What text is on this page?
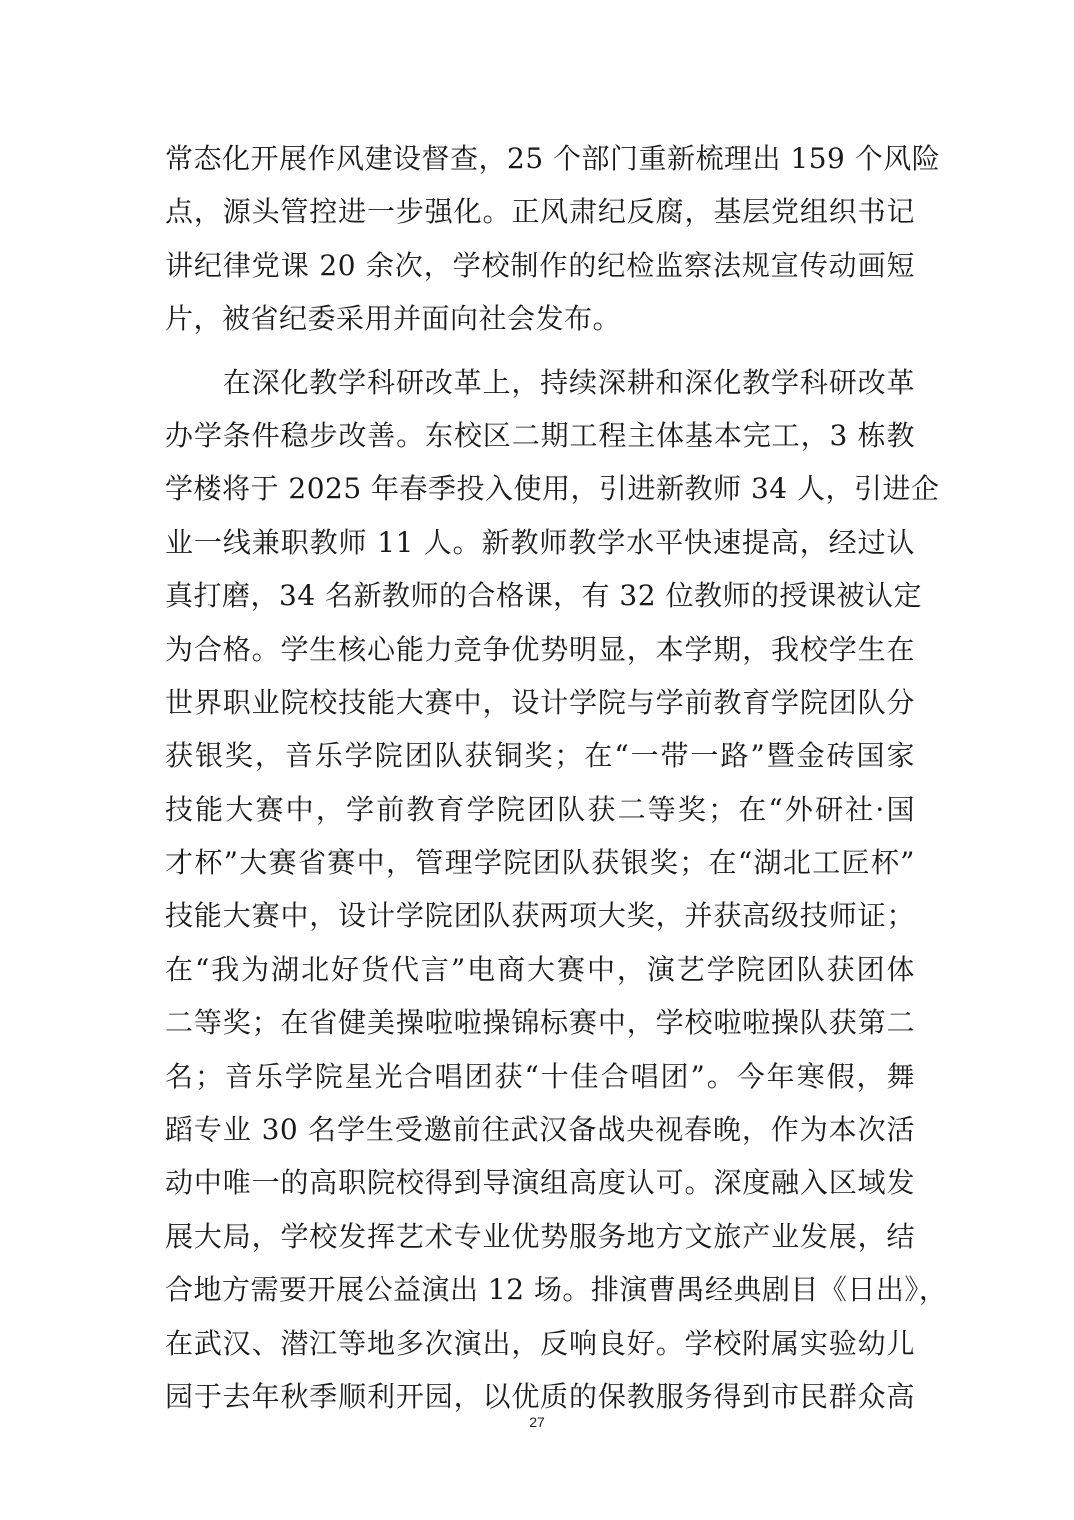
常态化开展作风建设督查，25 个部门重新梳理出 159 个风险
点，源头管控进一步强化。正风肃纪反腐，基层党组织书记
讲纪律党课 20 余次，学校制作的纪检监察法规宣传动画短
片，被省纪委采用并面向社会发布。
　　在深化教学科研改革上，持续深耕和深化教学科研改革
办学条件稳步改善。东校区二期工程主体基本完工，3 栋教
学楼将于 2025 年春季投入使用，引进新教师 34 人，引进企
业一线兼职教师 11 人。新教师教学水平快速提高，经过认
真打磨，34 名新教师的合格课，有 32 位教师的授课被认定
为合格。学生核心能力竞争优势明显，本学期，我校学生在
世界职业院校技能大赛中，设计学院与学前教育学院团队分
获银奖，音乐学院团队获铜奖；在“一带一路”暨金砖国家
技能大赛中，学前教育学院团队获二等奖；在“外研社·国
才杯”大赛省赛中，管理学院团队获银奖；在“湖北工匠杯”
技能大赛中，设计学院团队获两项大奖，并获高级技师证；
在“我为湖北好货代言”电商大赛中，演艺学院团队获团体
二等奖；在省健美操啦啦操锦标赛中，学校啦啦操队获第二
名；音乐学院星光合唱团获“十佳合唱团”。今年寒假，舞
蹈专业 30 名学生受邀前往武汉备战央视春晚，作为本次活
动中唯一的高职院校得到导演组高度认可。深度融入区域发
展大局，学校发挥艺术专业优势服务地方文旅产业发展，结
合地方需要开展公益演出 12 场。排演曹禺经典剧目《日出》，
在武汉、潜江等地多次演出，反响良好。学校附属实验幼儿
园于去年秋季顺利开园，以优质的保教服务得到市民群众高
27
